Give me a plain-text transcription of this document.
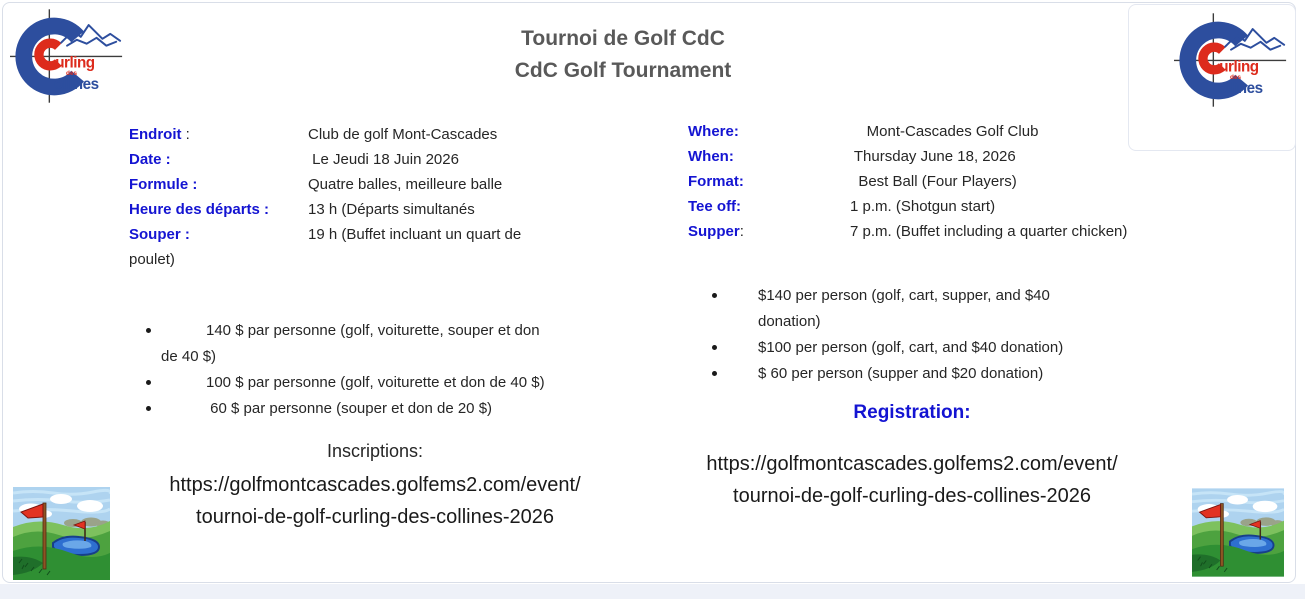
urling
des
ollines
urling
des
ollines
Tournoi de Golf CdC
CdC Golf Tournament
Endroit :	Club de golf Mont-Cascades
Date :	Le Jeudi 18 Juin 2026
Formule :	Quatre balles, meilleure balle
Heure des départs :	13 h (Départs simultanés
Souper :	19 h (Buffet incluant un quart de
poulet)
Where:	Mont-Cascades Golf Club
When:	Thursday June 18, 2026
Format:	Best Ball (Four Players)
Tee off:	1 p.m. (Shotgun start)
Supper:	7 p.m. (Buffet including a quarter chicken)
140 $ par personne (golf, voiturette, souper et don
de 40 $)
100 $ par personne (golf, voiturette et don de 40 $)
60 $ par personne (souper et don de 20 $)
$140 per person (golf, cart, supper, and $40
donation)
$100 per person (golf, cart, and $40 donation)
$ 60 per person (supper and $20 donation)
Inscriptions:
https://golfmontcascades.golfems2.com/event/
tournoi-de-golf-curling-des-collines-2026
Registration:
https://golfmontcascades.golfems2.com/event/
tournoi-de-golf-curling-des-collines-2026
